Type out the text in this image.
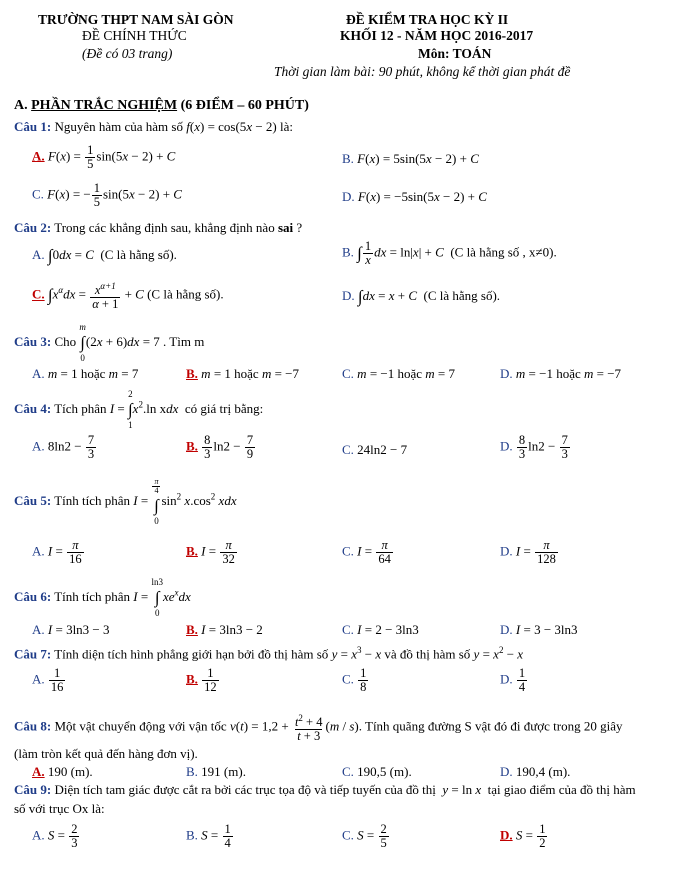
TRƯỜNG THPT NAM SÀI GÒN
ĐỀ CHÍNH THỨC
(Đề có 03 trang)
ĐỀ KIỂM TRA HỌC KỲ II
KHỐI 12 - NĂM HỌC 2016-2017
Môn: TOÁN
Thời gian làm bài: 90 phút, không kể thời gian phát đề
A. PHẦN TRẮC NGHIỆM (6 ĐIỂM – 60 PHÚT)
Câu 1: Nguyên hàm của hàm số f(x) = cos(5x − 2) là:
A. $F(x) = \frac{1}{5} \sin(5x - 2) + C$	B. F(x) = 5sin(5x − 2) + C
C. F(x) = − $\frac{1}{5} \sin(5x - 2) + C$	D. F(x) = −5sin(5x − 2) + C
Câu 2: Trong các khẳng định sau, khẳng định nào sai ?
A. ∫0dx = C  (C là hằng số).	B. ∫ $\frac{1}{x}$ dx = ln|x| + C  (C là hằng số , x≠0).
C. $\int x^\alpha dx = \frac{x^{\alpha+1}}{\alpha + 1} + C$ (C là hằng số).	D. ∫dx = x + C  (C là hằng số).
Câu 3: Cho
m
∫
0
(2x + 6)dx = 7 . Tìm m
A. m = 1 hoặc m = 7	B. m = 1 hoặc m = −7	C. m = −1 hoặc m = 7	D. m = −1 hoặc m = −7
Câu 4: Tích phân I =
2
∫
1
$x^2.\ln$ xdx  có giá trị bằng:
A. $8\ln 2 - \frac{7}{3}$	B. $\frac{8}{3} \ln 2 - \frac{7}{9}$	C. 24ln2 − 7	D. $\frac{8}{3} \ln 2 - \frac{7}{3}$
Câu 5: Tính tích phân I =
π
4
∫
0
$\sin^2 x.\cos^2$ xdx
A. $I = \frac{\pi}{16}$	B. $I = \frac{\pi}{32}$	C. $I = \frac{\pi}{64}$	D. $I = \frac{\pi}{128}$
Câu 6: Tính tích phân I =
ln3
∫
0
$xe^xdx$
A. I = 3ln3 − 3	B. I = 3ln3 − 2	C. I = 2 − 3ln3	D. I = 3 − 3ln3
Câu 7: Tính diện tích hình phẳng giới hạn bởi đồ thị hàm số $y = x^3 - x$ và đồ thị hàm số $y = x^2 - x$
A. $\frac{1}{16}$	B. $\frac{1}{12}$	C. $\frac{1}{8}$	D. $\frac{1}{4}$
Câu 8: Một vật chuyển động với vận tốc $v(t) = 1,2 + \frac{t^2 + 4}{t + 3} (m / s)$. Tính quãng đường S vật đó đi được trong 20 giây
(làm tròn kết quả đến hàng đơn vị).
A. 190 (m).	B. 191 (m).	C. 190,5 (m).	D. 190,4 (m).
Câu 9: Diện tích tam giác được cắt ra bởi các trục tọa độ và tiếp tuyến của đồ thị  y = ln x  tại giao điểm của đồ thị hàm
số với trục Ox là:
A. $S = \frac{2}{3}$	B. $S = \frac{1}{4}$	C. $S = \frac{2}{5}$	D. $S = \frac{1}{2}$
